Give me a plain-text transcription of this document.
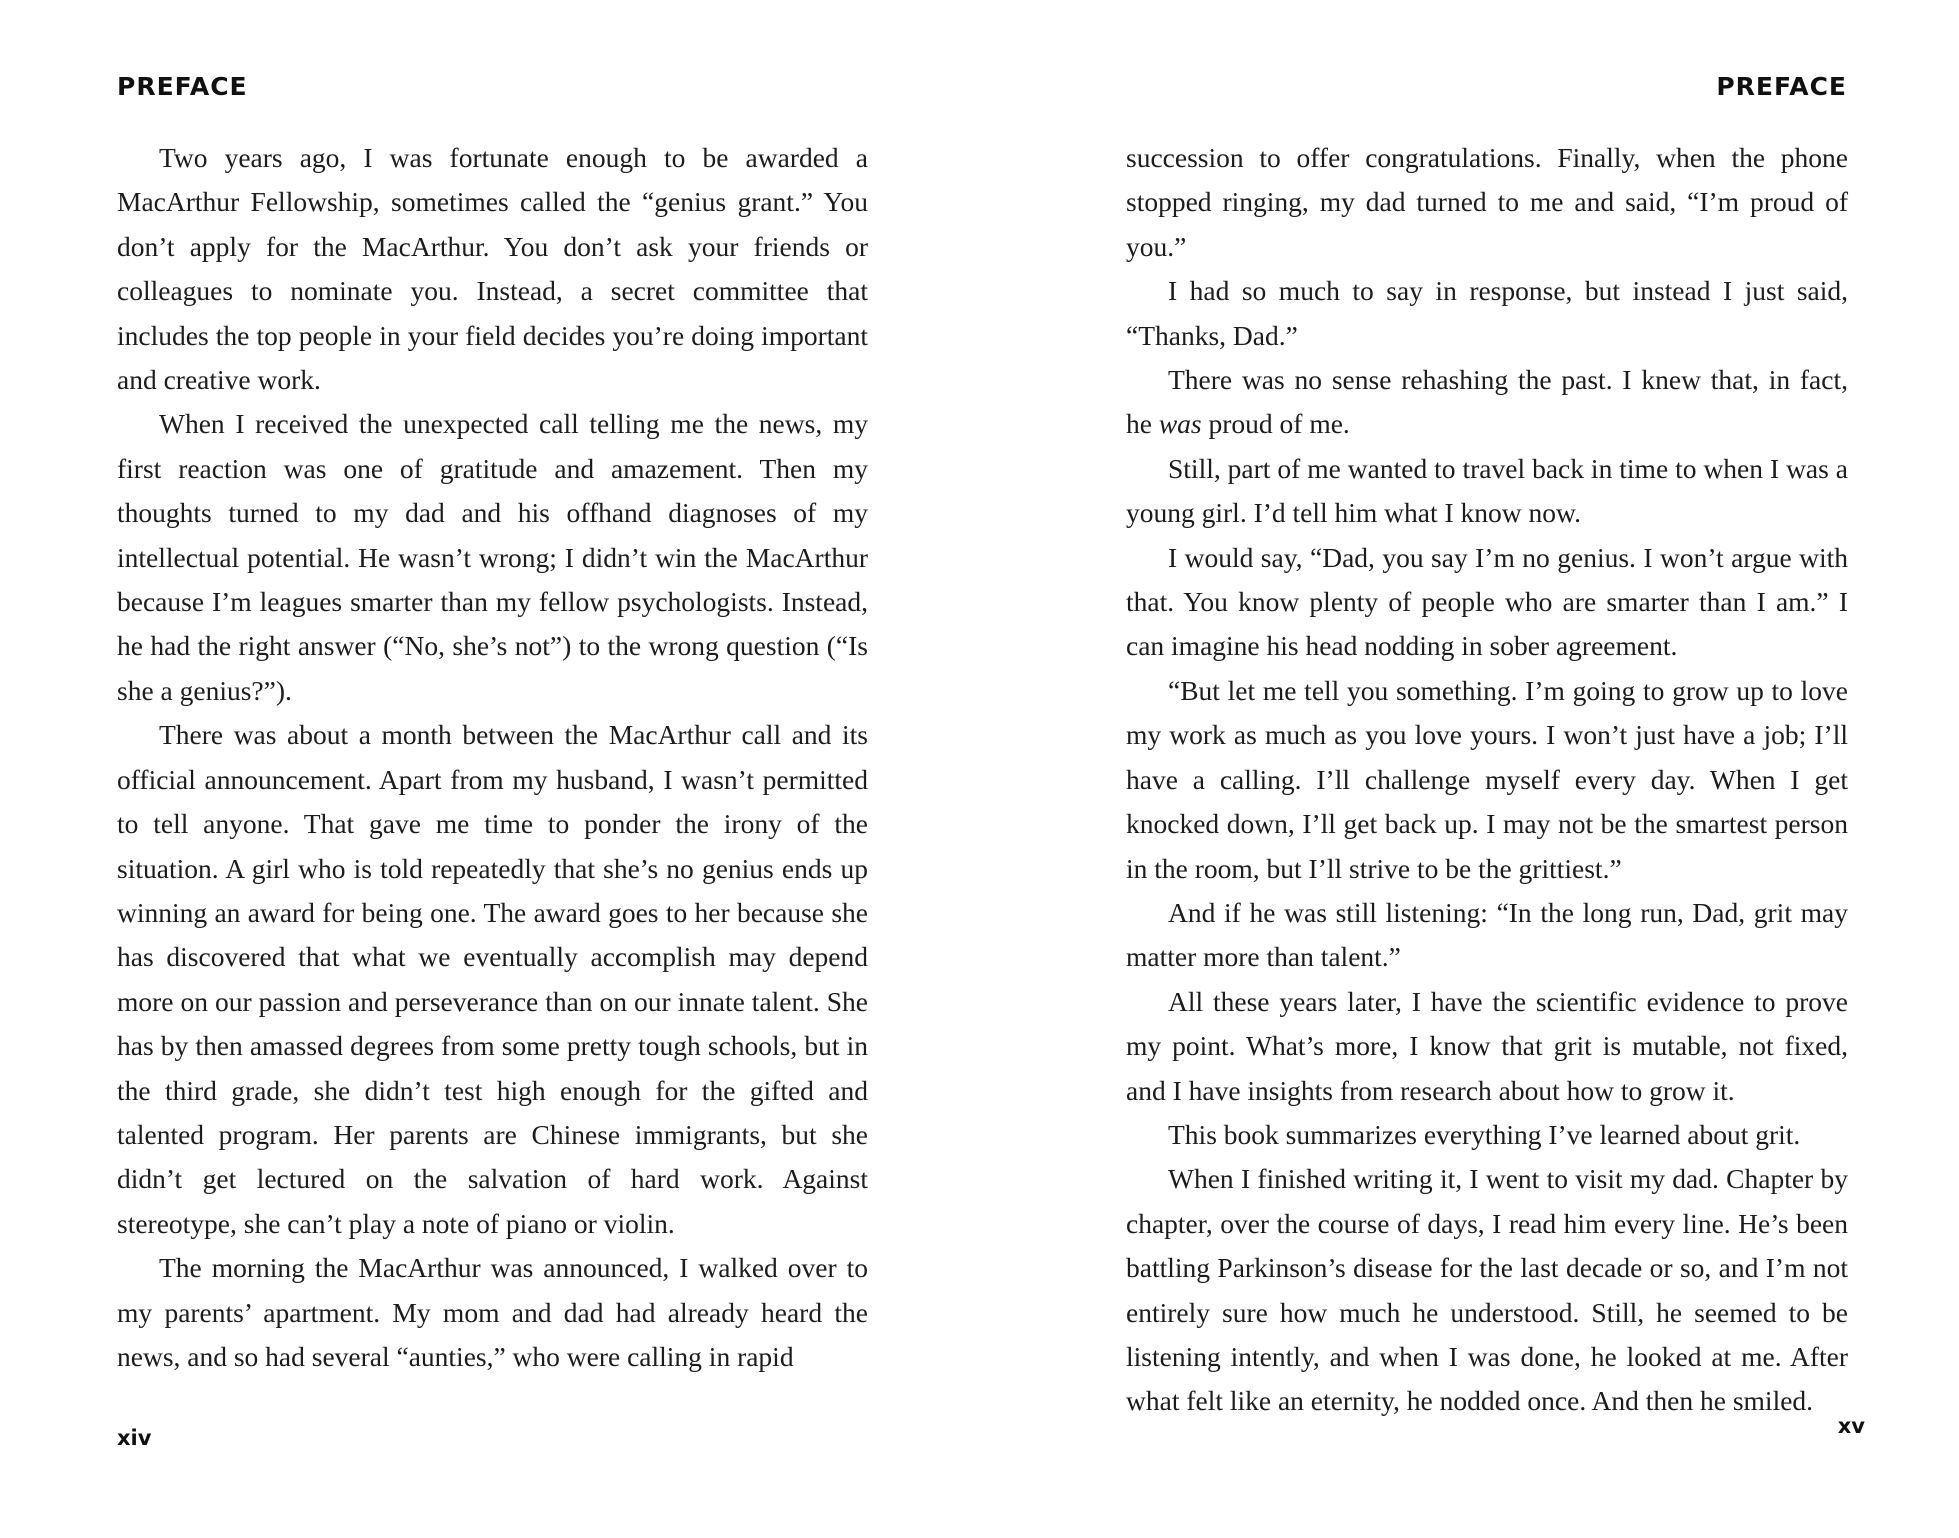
PREFACE

Two years ago, I was fortunate enough to be awarded a MacArthur Fellowship, sometimes called the “genius grant.” You don’t apply for the MacArthur. You don’t ask your friends or colleagues to nominate you. Instead, a secret committee that includes the top people in your field decides you’re doing important and creative work.

When I received the unexpected call telling me the news, my first reaction was one of gratitude and amazement. Then my thoughts turned to my dad and his offhand diagnoses of my intellectual potential. He wasn’t wrong; I didn’t win the MacArthur because I’m leagues smarter than my fellow psychologists. Instead, he had the right answer (“No, she’s not”) to the wrong question (“Is she a genius?”).

There was about a month between the MacArthur call and its official announcement. Apart from my husband, I wasn’t permitted to tell anyone. That gave me time to ponder the irony of the situation. A girl who is told repeatedly that she’s no genius ends up winning an award for being one. The award goes to her because she has discovered that what we eventually accomplish may depend more on our passion and perseverance than on our innate talent. She has by then amassed degrees from some pretty tough schools, but in the third grade, she didn’t test high enough for the gifted and talented program. Her parents are Chinese immigrants, but she didn’t get lectured on the salvation of hard work. Against stereotype, she can’t play a note of piano or violin.

The morning the MacArthur was announced, I walked over to my parents’ apartment. My mom and dad had already heard the news, and so had several “aunties,” who were calling in rapid

xiv
PREFACE

succession to offer congratulations. Finally, when the phone stopped ringing, my dad turned to me and said, “I’m proud of you.”

I had so much to say in response, but instead I just said, “Thanks, Dad.”

There was no sense rehashing the past. I knew that, in fact, he was proud of me.

Still, part of me wanted to travel back in time to when I was a young girl. I’d tell him what I know now.

I would say, “Dad, you say I’m no genius. I won’t argue with that. You know plenty of people who are smarter than I am.” I can imagine his head nodding in sober agreement.

“But let me tell you something. I’m going to grow up to love my work as much as you love yours. I won’t just have a job; I’ll have a calling. I’ll challenge myself every day. When I get knocked down, I’ll get back up. I may not be the smartest person in the room, but I’ll strive to be the grittiest.”

And if he was still listening: “In the long run, Dad, grit may matter more than talent.”

All these years later, I have the scientific evidence to prove my point. What’s more, I know that grit is mutable, not fixed, and I have insights from research about how to grow it.

This book summarizes everything I’ve learned about grit.

When I finished writing it, I went to visit my dad. Chapter by chapter, over the course of days, I read him every line. He’s been battling Parkinson’s disease for the last decade or so, and I’m not entirely sure how much he understood. Still, he seemed to be listening intently, and when I was done, he looked at me. After what felt like an eternity, he nodded once. And then he smiled.

xv
